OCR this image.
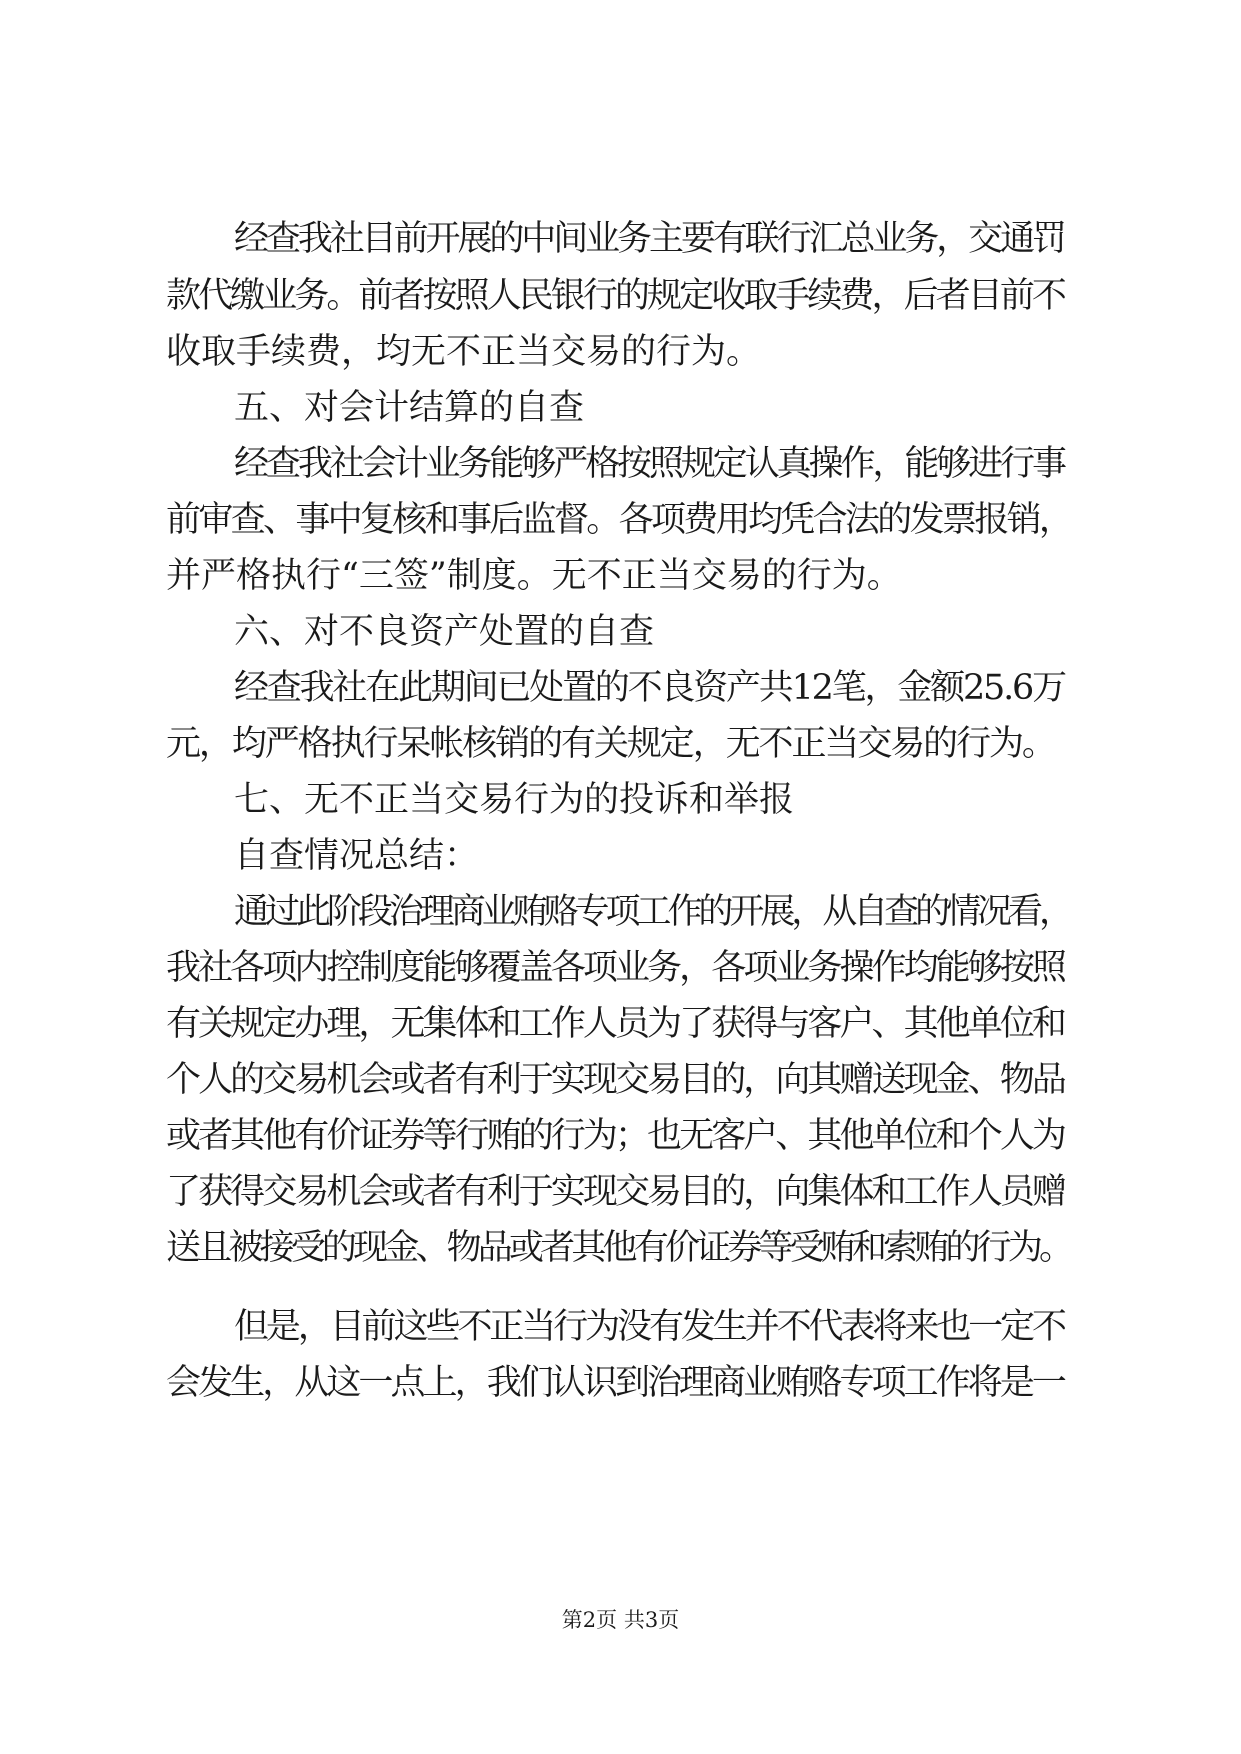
经查我社目前开展的中间业务主要有联行汇总业务，交通罚
款代缴业务。前者按照人民银行的规定收取手续费，后者目前不
收取手续费，均无不正当交易的行为。
五、对会计结算的自查
经查我社会计业务能够严格按照规定认真操作，能够进行事
前审查、事中复核和事后监督。各项费用均凭合法的发票报销，
并严格执行“三签”制度。无不正当交易的行为。
六、对不良资产处置的自查
经查我社在此期间已处置的不良资产共12笔，金额25.6万
元，均严格执行呆帐核销的有关规定，无不正当交易的行为。
七、无不正当交易行为的投诉和举报
自查情况总结：
通过此阶段治理商业贿赂专项工作的开展，从自查的情况看，
我社各项内控制度能够覆盖各项业务，各项业务操作均能够按照
有关规定办理，无集体和工作人员为了获得与客户、其他单位和
个人的交易机会或者有利于实现交易目的，向其赠送现金、物品
或者其他有价证券等行贿的行为；也无客户、其他单位和个人为
了获得交易机会或者有利于实现交易目的，向集体和工作人员赠
送且被接受的现金、物品或者其他有价证券等受贿和索贿的行为。
但是，目前这些不正当行为没有发生并不代表将来也一定不
会发生，从这一点上，我们认识到治理商业贿赂专项工作将是一
第2页 共3页
